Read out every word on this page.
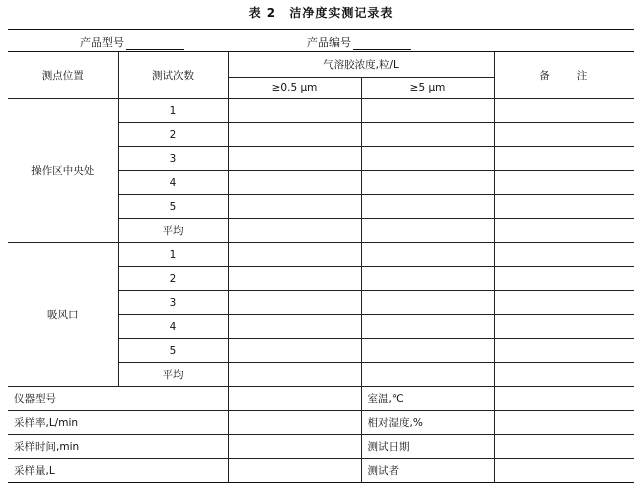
表 2 洁净度实测记录表
产品型号	产品编号
测点位置	测试次数	气溶胶浓度,粒/L		备　　注
		≥0.5 μm	≥5 μm	
操作区中央处	1			
	2			
	3			
	4			
	5			
	平均			
吸风口	1			
	2			
	3			
	4			
	5			
	平均			
仪器型号			室温,℃	
采样率,L/min			相对湿度,%	
采样时间,min			测试日期	
采样量,L			测试者	
